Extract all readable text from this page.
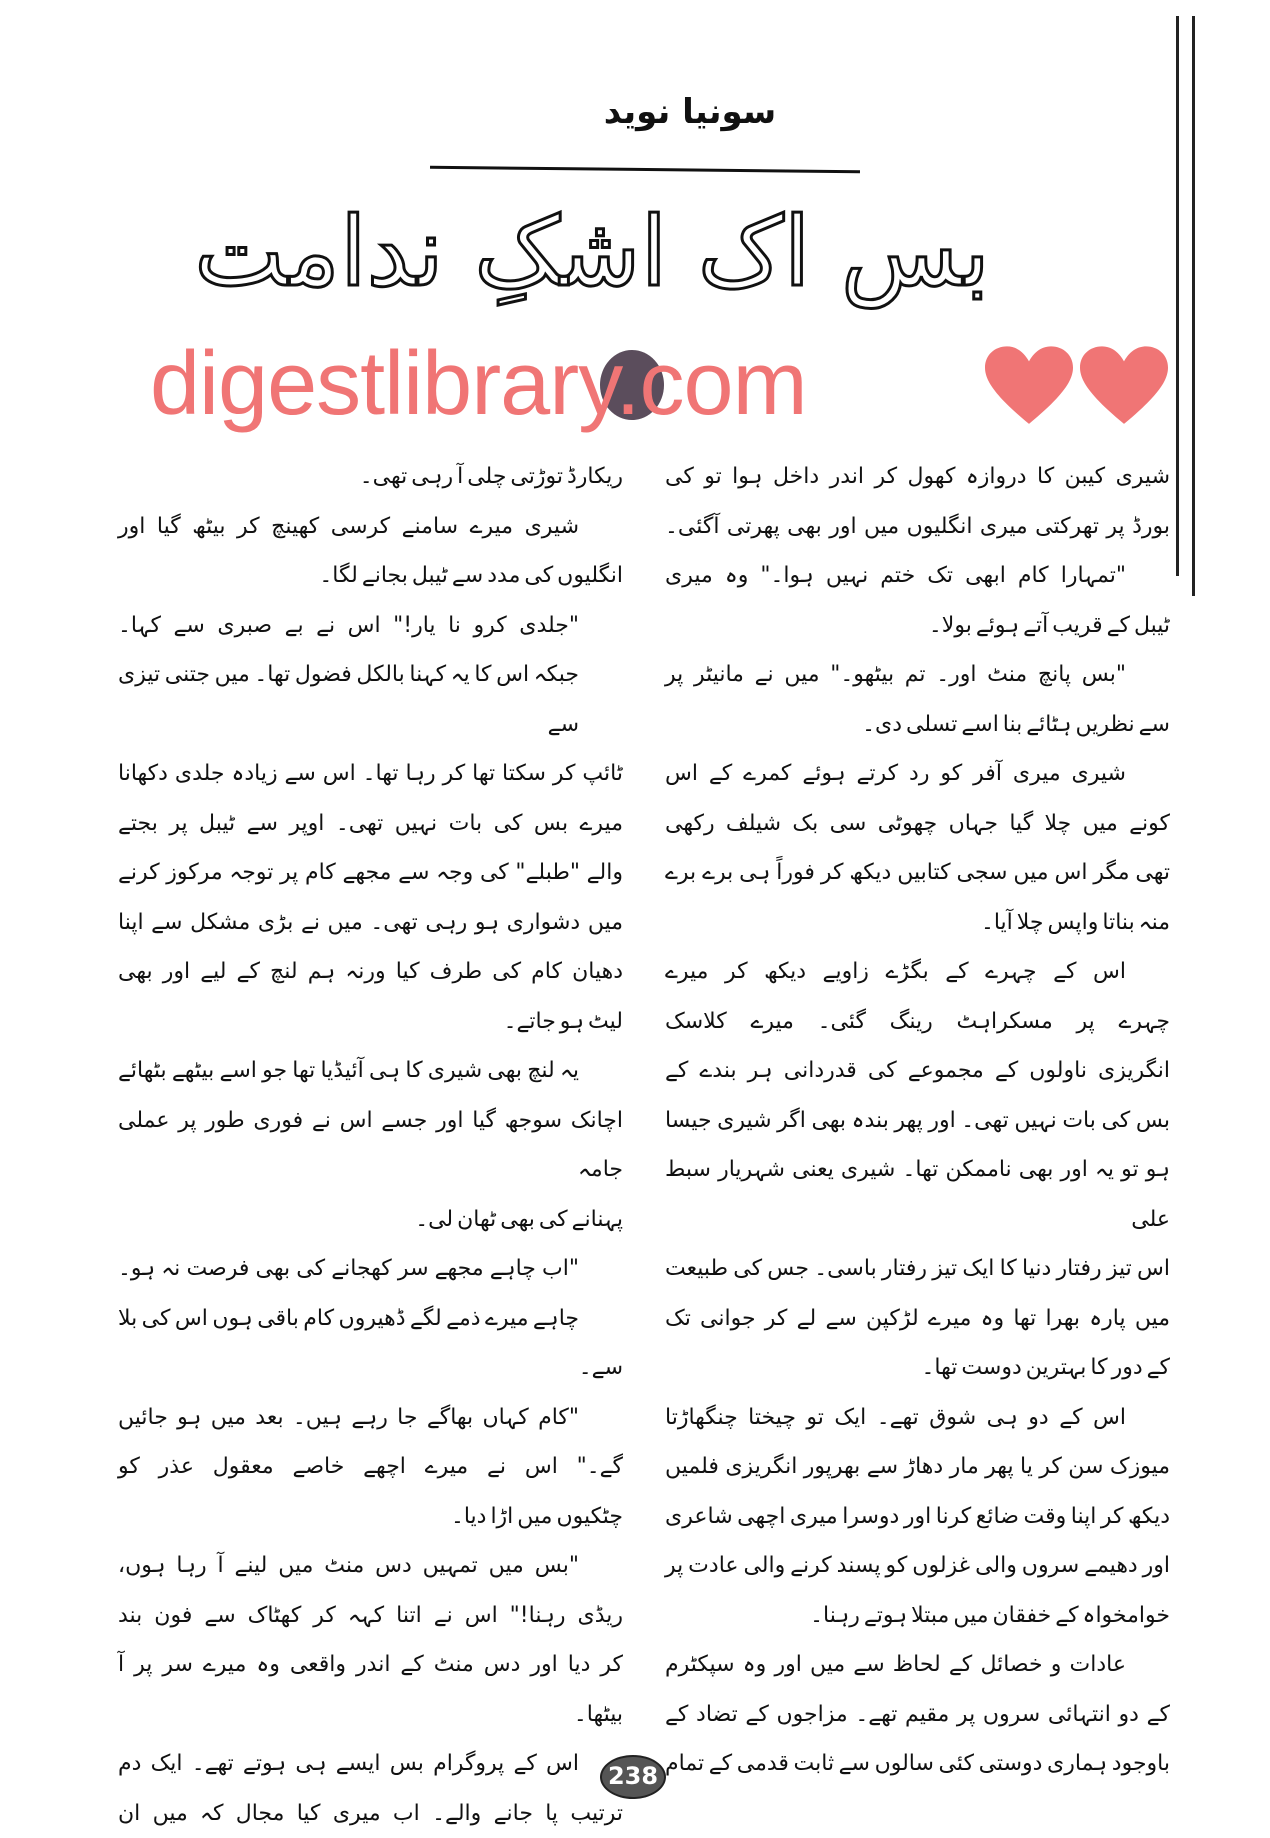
سونیا نوید
بس اک اشکِ ندامت
digestlibrary.com
شیری کیبن کا دروازہ کھول کر اندر داخل ہوا تو کی
بورڈ پر تھرکتی میری انگلیوں میں اور بھی پھرتی آگئی۔
"تمہارا کام ابھی تک ختم نہیں ہوا۔" وہ میری
ٹیبل کے قریب آتے ہوئے بولا۔
"بس پانچ منٹ اور۔ تم بیٹھو۔" میں نے مانیٹر پر
سے نظریں ہٹائے بنا اسے تسلی دی۔
شیری میری آفر کو رد کرتے ہوئے کمرے کے اس
کونے میں چلا گیا جہاں چھوٹی سی بک شیلف رکھی
تھی مگر اس میں سجی کتابیں دیکھ کر فوراً ہی برے برے
منہ بناتا واپس چلا آیا۔
اس کے چہرے کے بگڑے زاویے دیکھ کر میرے
چہرے پر مسکراہٹ رینگ گئی۔ میرے کلاسک
انگریزی ناولوں کے مجموعے کی قدردانی ہر بندے کے
بس کی بات نہیں تھی۔ اور پھر بندہ بھی اگر شیری جیسا
ہو تو یہ اور بھی ناممکن تھا۔ شیری یعنی شہریار سبط علی
اس تیز رفتار دنیا کا ایک تیز رفتار باسی۔ جس کی طبیعت
میں پارہ بھرا تھا وہ میرے لڑکپن سے لے کر جوانی تک
کے دور کا بہترین دوست تھا۔
اس کے دو ہی شوق تھے۔ ایک تو چیختا چنگھاڑتا
میوزک سن کر یا پھر مار دھاڑ سے بھرپور انگریزی فلمیں
دیکھ کر اپنا وقت ضائع کرنا اور دوسرا میری اچھی شاعری
اور دھیمے سروں والی غزلوں کو پسند کرنے والی عادت پر
خوامخواہ کے خفقان میں مبتلا ہوتے رہنا۔
عادات و خصائل کے لحاظ سے میں اور وہ سپکٹرم
کے دو انتہائی سروں پر مقیم تھے۔ مزاجوں کے تضاد کے
باوجود ہماری دوستی کئی سالوں سے ثابت قدمی کے تمام
ریکارڈ توڑتی چلی آ رہی تھی۔
شیری میرے سامنے کرسی کھینچ کر بیٹھ گیا اور
انگلیوں کی مدد سے ٹیبل بجانے لگا۔
"جلدی کرو نا یار!" اس نے بے صبری سے کہا۔
جبکہ اس کا یہ کہنا بالکل فضول تھا۔ میں جتنی تیزی سے
ٹائپ کر سکتا تھا کر رہا تھا۔ اس سے زیادہ جلدی دکھانا
میرے بس کی بات نہیں تھی۔ اوپر سے ٹیبل پر بجتے
والے "طبلے" کی وجہ سے مجھے کام پر توجہ مرکوز کرنے
میں دشواری ہو رہی تھی۔ میں نے بڑی مشکل سے اپنا
دھیان کام کی طرف کیا ورنہ ہم لنچ کے لیے اور بھی
لیٹ ہو جاتے۔
یہ لنچ بھی شیری کا ہی آئیڈیا تھا جو اسے بیٹھے بٹھائے
اچانک سوجھ گیا اور جسے اس نے فوری طور پر عملی جامہ
پہنانے کی بھی ٹھان لی۔
"اب چاہے مجھے سر کھجانے کی بھی فرصت نہ ہو۔
چاہے میرے ذمے لگے ڈھیروں کام باقی ہوں اس کی بلا
سے۔
"کام کہاں بھاگے جا رہے ہیں۔ بعد میں ہو جائیں
گے۔" اس نے میرے اچھے خاصے معقول عذر کو
چٹکیوں میں اڑا دیا۔
"بس میں تمہیں دس منٹ میں لینے آ رہا ہوں،
ریڈی رہنا!" اس نے اتنا کہہ کر کھٹاک سے فون بند
کر دیا اور دس منٹ کے اندر واقعی وہ میرے سر پر آ
بیٹھا۔
اس کے پروگرام بس ایسے ہی ہوتے تھے۔ ایک دم
ترتیب پا جانے والے۔ اب میری کیا مجال کہ میں ان
238
